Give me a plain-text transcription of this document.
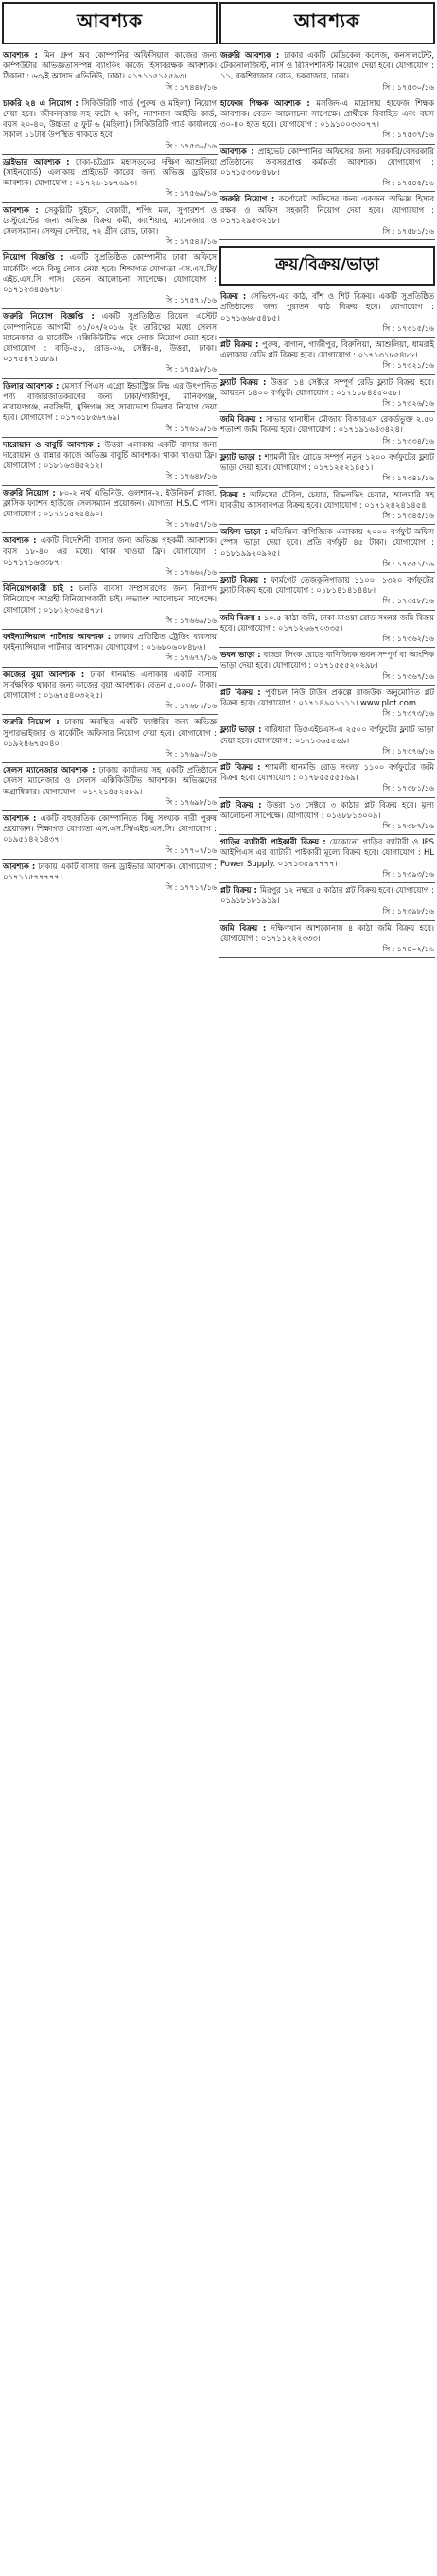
আবশ্যক
আবশ্যক : মিন গ্রুপ অব কোম্পানির অফিসিয়াল কাজের জন্য কম্পিউটার অভিজ্ঞতাসম্পন্ন ব্যাংকিং কাজে হিসাবরক্ষক আবশ্যক। ঠিকানা : ৬৩/ই আসাদ এভিনিউ, ঢাকা। ০১৭১১৫১২৫৯৩।
সি : ১৭৪৪৮/১৬
চাকরি ২৪ এ নিয়োগ : সিকিউরিটি গার্ড (পুরুষ ও মহিলা) নিয়োগ দেয়া হবে। জীবনবৃত্তান্ত সহ ফটো ২ কপি, ন্যাশনাল আইডি কার্ড, বয়স ২০-৪০, উচ্চতা ৫ ফুট ৬ (মহিলা)। সিকিউরিটি গার্ড কার্যালয়ে সকাল ১১টায় উপস্থিত থাকতে হবে।
সি : ১৭৫৩০/১৬
ড্রাইভার আবশ্যক : ঢাকা-চট্টগ্রাম মহাসড়কের দক্ষিণ আশুলিয়া (সাইনবোর্ড) এলাকায় প্রাইভেট কারের জন্য অভিজ্ঞ ড্রাইভার আবশ্যক। যোগাযোগ : ০১৭২৬-১৮৭৬৯৩।
সি : ১৭৫৬৯/১৬
আবশ্যক : সেকুরিটি সুইচস, বেকারী, শপিং মল, সুপারশপ ও রেস্টুরেন্টের জন্য অভিজ্ঞ বিক্রয় কর্মী, ক্যাশিয়ার, ম্যানেজার ও সেলসম্যান। সেল্ফুর সেন্টার, ৭২ গ্রীন রোড, ঢাকা।
সি : ১৭৫৪৪/১৬
নিয়োগ বিজ্ঞপ্তি : একটি সুপ্রতিষ্ঠিত কোম্পানীর ঢাকা অফিসে মার্কেটিং পদে কিছু লোক নেয়া হবে। শিক্ষাগত যোগ্যতা এস.এস.সি/এইচ.এস.সি পাস। বেতন আলোচনা সাপেক্ষে। যোগাযোগ : ০১৭১২৩৪৫৬৭৮।
সি : ১৭৫৭১/১৬
জরুরি নিয়োগ বিজ্ঞপ্তি : একটি সুপ্রতিষ্ঠিত রিয়েল এস্টেট কোম্পানিতে আগামী ৩১/০৭/২০১৬ ইং তারিখের মধ্যে সেলস ম্যানেজার ও মার্কেটিং এক্সিকিউটিভ পদে লোক নিয়োগ দেয়া হবে। যোগাযোগ : বাড়ি-৫১, রোড-০৬, সেক্টর-৪, উত্তরা, ঢাকা। ০১৭৫৪৭১৫৮৯।
সি : ১৭৫৯৮/১৬
ডিলার আবশ্যক : মেসার্স পিএস এগ্রো ইন্ডাস্ট্রিজ লিঃ এর উৎপাদিত পণ্য বাজারজাতকরণের জন্য ঢাকা/গাজীপুর, মানিকগঞ্জ, নারায়ণগঞ্জ, নরসিংদী, মুন্সিগঞ্জ সহ সারাদেশে ডিলার নিয়োগ দেয়া হবে। যোগাযোগ : ০১৭৩১৮৫৬৭৬৯।
সি : ১৭৬১৯/১৬
দারোয়ান ও বাবুর্চি আবশ্যক : উত্তরা এলাকায় একটি বাসার জন্য দারোয়ান ও রান্নার কাজে অভিজ্ঞ বাবুর্চি আবশ্যক। থাকা খাওয়া ফ্রি। যোগাযোগ : ০১৮১৬৩৪৫২১২।
সি : ১৭৬৪৮/১৬
জরুরি নিয়োগ : ৮০-২ নর্থ এভিনিউ, গুলশান-২, ইউনিকর্ন প্লাজা, ক্লাসিক ফ্যাশন হাউজে সেলসম্যান প্রয়োজন। যোগ্যতা H.S.C পাস। যোগাযোগ : ০১৭১১৫২৫৪৯০।
সি : ১৭৬৫৭/১৬
আবশ্যক : একটি বিদেশিনী বাসার জন্য অভিজ্ঞ গৃহকর্মী আবশ্যক। বয়স ১৮-৪০ এর মধ্যে। থাকা খাওয়া ফ্রি। যোগাযোগ : ০১৭১৭১৬৩৩৮৭।
সি : ১৭৬৬২/১৬
বিনিয়োগকারী চাই : চলতি ব্যবসা সম্প্রসারণের জন্য নিরাপদ বিনিয়োগে আগ্রহী বিনিয়োগকারী চাই। লভ্যাংশ আলোচনা সাপেক্ষে। যোগাযোগ : ০১৮১২৩৬৫৪৭৮।
সি : ১৭৬৬৯/১৬
ফাইন্যান্সিয়াল পার্টনার আবশ্যক : ঢাকায় প্রতিষ্ঠিত ট্রেডিং ব্যবসায় ফাইন্যান্সিয়াল পার্টনার আবশ্যক। যোগাযোগ : ০১৬৮০৬০৮৪৮৬।
সি : ১৭৬৭৭/১৬
কাজের বুয়া আবশ্যক : ঢাকা ধানমন্ডি এলাকায় একটি বাসায় সার্বক্ষণিক থাকার জন্য কাজের বুয়া আবশ্যক। বেতন ৫,০০০/- টাকা। যোগাযোগ : ০১৬৭৫৪০৩২২৫।
সি : ১৭৬৮১/১৬
জরুরি নিয়োগ : ঢাকায় অবস্থিত একটি ফ্যাক্টরির জন্য অভিজ্ঞ সুপারভাইজার ও মার্কেটিং অফিসার নিয়োগ দেয়া হবে। যোগাযোগ : ০১৯২৪৬৭৫০৪০।
সি : ১৭৬৯০/১৬
সেলস ম্যানেজার আবশ্যক : ঢাকায় কার্যালয় সহ একটি প্রতিষ্ঠানে সেলস ম্যানেজার ও সেলস এক্সিকিউটিভ আবশ্যক। অভিজ্ঞদের অগ্রাধিকার। যোগাযোগ : ০১৭২১৪৫২৫৮৯।
সি : ১৭৬৯৮/১৬
আবশ্যক : একটি বহুজাতিক কোম্পানিতে কিছু সংখ্যক নারী পুরুষ প্রয়োজন। শিক্ষাগত যোগ্যতা এস.এস.সি/এইচ.এস.সি। যোগাযোগ : ০১৯৫১৪২১৪৩৭।
সি : ১৭৭০৭/১৬
আবশ্যক : ঢাকায় একটি বাসার জন্য ড্রাইভার আবশ্যক। যোগাযোগ : ০১৭১১৫৭৭৭৭৭।
সি : ১৭৭১৭/১৬
আবশ্যক
জরুরি আবশ্যক : ঢাকার একটি মেডিকেল কলেজ, কনসালটেন্ট, টেকনোলজিস্ট, নার্স ও রিসিপশনিস্ট নিয়োগ দেয়া হবে। যোগাযোগ : ১১, বকশিবাজার রোড, চকবাজার, ঢাকা।
সি : ১৭৫৩০/১৬
হাফেজ শিক্ষক আবশ্যক : মসজিদ-এ মাদ্রাসায় হাফেজ শিক্ষক আবশ্যক। বেতন আলোচনা সাপেক্ষে। প্রার্থীকে বিবাহিত এবং বয়স ৩০-৪০ হতে হবে। যোগাযোগ : ০১৯১০০৩৩০৭৭।
সি : ১৭৫৩৭/১৬
আবশ্যক : প্রাইভেট কোম্পানির অফিসের জন্য সরকারি/বেসরকারি প্রতিষ্ঠানের অবসরপ্রাপ্ত কর্মকর্তা আবশ্যক। যোগাযোগ : ০১৭১৫৩৩৮৪৮৮।
সি : ১৭৫৪৫/১৬
জরুরি নিয়োগ : কর্পোরেট অফিসের জন্য একজন অভিজ্ঞ হিসাব রক্ষক ও অফিস সহকারী নিয়োগ দেয়া হবে। যোগাযোগ : ০১৭১২৯৫৩২১৮।
সি : ১৭৫৮১/১৬
ক্রয়/বিক্রয়/ভাড়া
বিক্রয় : সেভিংস-এর কাঠ, বাঁশ ও শিট বিক্রয়। একটি সুপ্রতিষ্ঠিত প্রতিষ্ঠানের জন্য পুরাতন কাঠ বিক্রয় হবে। যোগাযোগ : ০১৭১৬৬৮৫৪৮৫।
সি : ১৭৩১৫/১৬
প্লট বিক্রয় : পুরুষ, বাগান, গাজীপুর, বিরুলিয়া, আশুলিয়া, ধামরাই এলাকায় রেডি প্লট বিক্রয় হবে। যোগাযোগ : ০১৭১৩১৮৫৪৮৮।
সি : ১৭৩২১/১৬
ফ্ল্যাট বিক্রয় : উত্তরা ১৪ সেক্টরে সম্পূর্ণ রেডি ফ্ল্যাট বিক্রয় হবে। আয়তন ১৪০০ বর্গফুট। যোগাযোগ : ০১৭১১৮৪৪৫০৫৮।
সি : ১৭৩২৬/১৬
জমি বিক্রয় : সাভার থানাধীন মৌজায় বিআরএস রেকর্ডভুক্ত ২.৫০ শতাংশ জমি বিক্রয় হবে। যোগাযোগ : ০১৭১৯১৬৪৩৪২৪।
সি : ১৭৩৩৪/১৬
ফ্ল্যাট ভাড়া : শ্যামলী রিং রোডে সম্পূর্ণ নতুন ১২০০ বর্গফুটের ফ্ল্যাট ভাড়া দেয়া হবে। যোগাযোগ : ০১৭১২৫২১৪৫১।
সি : ১৭৩৪১/১৬
বিক্রয় : অফিসের টেবিল, চেয়ার, রিভলভিং চেয়ার, আলমারি সহ যাবতীয় আসবাবপত্র বিক্রয় হবে। যোগাযোগ : ০১৭১২৪২৪১৪৫৪।
সি : ১৭৩৪৫/১৬
অফিস ভাড়া : মতিঝিল বাণিজ্যিক এলাকায় ২০০০ বর্গফুট অফিস স্পেস ভাড়া দেয়া হবে। প্রতি বর্গফুট ৪৫ টাকা। যোগাযোগ : ০১৮১৯৯২০৯২৫।
সি : ১৭৩৫১/১৬
ফ্ল্যাট বিক্রয় : ফার্মগেট তেজকুনিপাড়ায় ১১০০, ১৩২০ বর্গফুটের ফ্ল্যাট বিক্রয় হবে। যোগাযোগ : ০১৮১৪১৪১৪৪৮।
সি : ১৭৩৫৮/১৬
জমি বিক্রয় : ১০.৫ কাঠা জমি, ঢাকা-মাওয়া রোড সংলগ্ন জমি বিক্রয় হবে। যোগাযোগ : ০১৭১২৬৬৭০৩৩৫।
সি : ১৭৩৬২/১৬
ভবন ভাড়া : বাড্ডা লিংক রোডে বাণিজ্যিক ভবন সম্পূর্ণ বা আংশিক ভাড়া দেয়া হবে। যোগাযোগ : ০১৭১৫৫৫২০২৯৮।
সি : ১৭৩৬৭/১৬
প্লট বিক্রয় : পূর্বাচল নিউ টাউন প্রকল্পে রাজউক অনুমোদিত প্লট বিক্রয় হবে। যোগাযোগ : ০১৭১৪৯০১১১১। www.plot.com
সি : ১৭৩৭৩/১৬
ফ্ল্যাট ভাড়া : বারিধারা ডিওএইচএস-এ ২৫০০ বর্গফুটের ফ্ল্যাট ভাড়া দেয়া হবে। যোগাযোগ : ০১৭১৩৬৫৫৬৯।
সি : ১৭৩৭৬/১৬
প্লট বিক্রয় : শ্যামলী ধানমন্ডি রোড সংলগ্ন ১১০০ বর্গফুটের জমি বিক্রয় হবে। যোগাযোগ : ০১৭৮৫৫৫৫৫৬৯।
সি : ১৭৩৮১/১৬
প্লট বিক্রয় : উত্তরা ১৩ সেক্টরে ৩ কাঠার প্লট বিক্রয় হবে। মূল্য আলোচনা সাপেক্ষে। যোগাযোগ : ০১৬৮৮১৩০০৯।
সি : ১৭৩৮৭/১৬
গাড়ির ব্যাটারী পাইকারী বিক্রয় : যেকোনো গাড়ির ব্যাটারী ও IPS আইপিএস এর ব্যাটারী পাইকারী মূল্যে বিক্রয় হবে। যোগাযোগ : HL Power Supply. ০১৭১৩৫৯৭৭৭৭।
সি : ১৭৩৯৩/১৬
প্লট বিক্রয় : মিরপুর ১২ নম্বরে ৫ কাঠার প্লট বিক্রয় হবে। যোগাযোগ : ০১৯১৮১৮১৯১৯।
সি : ১৭৩৯৮/১৬
জমি বিক্রয় : দক্ষিণখান আশকোনায় ৪ কাঠা জমি বিক্রয় হবে। যোগাযোগ : ০১৭১১২২২৩৩৩।
সি : ১৭৪০২/১৬
